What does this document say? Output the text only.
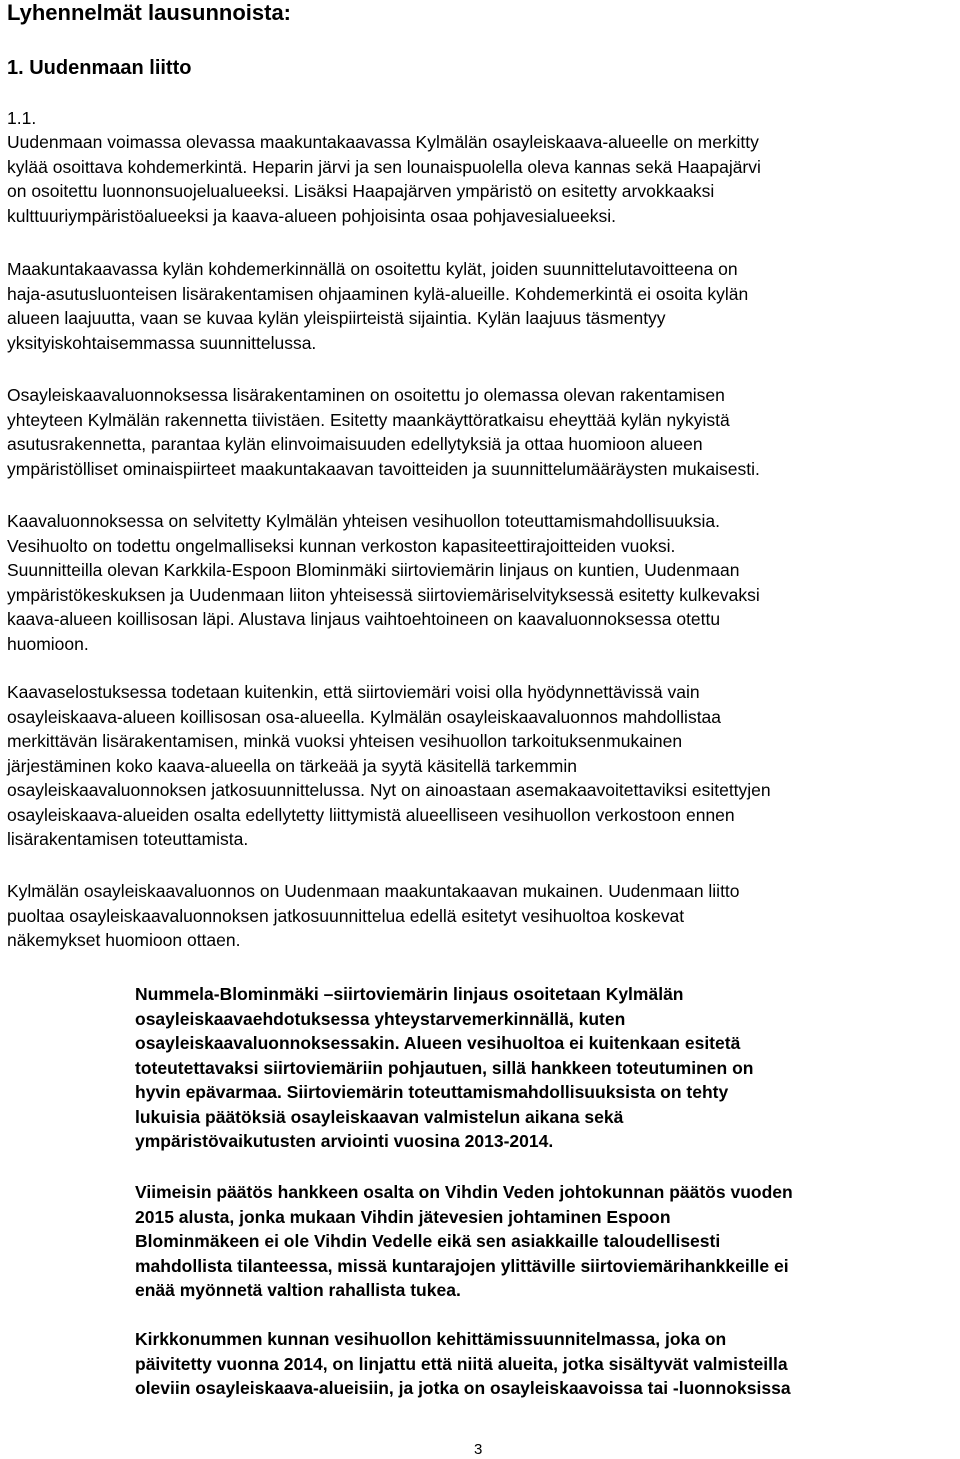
Lyhennelmät lausunnoista:
1. Uudenmaan liitto

1.1.

Uudenmaan voimassa olevassa maakuntakaavassa Kylmälän osayleiskaava-alueelle on merkitty
kylää osoittava kohdemerkintä. Heparin järvi ja sen lounaispuolella oleva kannas sekä Haapajärvi
on osoitettu luonnonsuojelualueeksi. Lisäksi Haapajärven ympäristö on esitetty arvokkaaksi
kulttuuriympäristöalueeksi ja kaava-alueen pohjoisinta osaa pohjavesialueeksi.

Maakuntakaavassa kylän kohdemerkinnällä on osoitettu kylät, joiden suunnittelutavoitteena on
haja-asutusluonteisen lisärakentamisen ohjaaminen kylä-alueille. Kohdemerkintä ei osoita kylän
alueen laajuutta, vaan se kuvaa kylän yleispiirteistä sijaintia. Kylän laajuus täsmentyy
yksityiskohtaisemmassa suunnittelussa.

Osayleiskaavaluonnoksessa lisärakentaminen on osoitettu jo olemassa olevan rakentamisen
yhteyteen Kylmälän rakennetta tiivistäen. Esitetty maankäyttöratkaisu eheyttää kylän nykyistä
asutusrakennetta, parantaa kylän elinvoimaisuuden edellytyksiä ja ottaa huomioon alueen
ympäristölliset ominaispiirteet maakuntakaavan tavoitteiden ja suunnittelumääräysten mukaisesti.

Kaavaluonnoksessa on selvitetty Kylmälän yhteisen vesihuollon toteuttamismahdollisuuksia.
Vesihuolto on todettu ongelmalliseksi kunnan verkoston kapasiteettirajoitteiden vuoksi.
Suunnitteilla olevan Karkkila-Espoon Blominmäki siirtoviemärin linjaus on kuntien, Uudenmaan
ympäristökeskuksen ja Uudenmaan liiton yhteisessä siirtoviemäriselvityksessä esitetty kulkevaksi
kaava-alueen koillisosan läpi. Alustava linjaus vaihtoehtoineen on kaavaluonnoksessa otettu
huomioon.

Kaavaselostuksessa todetaan kuitenkin, että siirtoviemäri voisi olla hyödynnettävissä vain
osayleiskaava-alueen koillisosan osa-alueella. Kylmälän osayleiskaavaluonnos mahdollistaa
merkittävän lisärakentamisen, minkä vuoksi yhteisen vesihuollon tarkoituksenmukainen
järjestäminen koko kaava-alueella on tärkeää ja syytä käsitellä tarkemmin
osayleiskaavaluonnoksen jatkosuunnittelussa. Nyt on ainoastaan asemakaavoitettaviksi esitettyjen
osayleiskaava-alueiden osalta edellytetty liittymistä alueelliseen vesihuollon verkostoon ennen
lisärakentamisen toteuttamista.

Kylmälän osayleiskaavaluonnos on Uudenmaan maakuntakaavan mukainen. Uudenmaan liitto
puoltaa osayleiskaavaluonnoksen jatkosuunnittelua edellä esitetyt vesihuoltoa koskevat
näkemykset huomioon ottaen.

Nummela-Blominmäki –siirtoviemärin linjaus osoitetaan Kylmälän
osayleiskaavaehdotuksessa yhteystarvemerkinnällä, kuten
osayleiskaavaluonnoksessakin. Alueen vesihuoltoa ei kuitenkaan esitetä
toteutettavaksi siirtoviemäriin pohjautuen, sillä hankkeen toteutuminen on
hyvin epävarmaa. Siirtoviemärin toteuttamismahdollisuuksista on tehty
lukuisia päätöksiä osayleiskaavan valmistelun aikana sekä
ympäristövaikutusten arviointi vuosina 2013-2014.

Viimeisin päätös hankkeen osalta on Vihdin Veden johtokunnan päätös vuoden
2015 alusta, jonka mukaan Vihdin jätevesien johtaminen Espoon
Blominmäkeen ei ole Vihdin Vedelle eikä sen asiakkaille taloudellisesti
mahdollista tilanteessa, missä kuntarajojen ylittäville siirtoviemärihankkeille ei
enää myönnetä valtion rahallista tukea.

Kirkkonummen kunnan vesihuollon kehittämissuunnitelmassa, joka on
päivitetty vuonna 2014, on linjattu että niitä alueita, jotka sisältyvät valmisteilla
oleviin osayleiskaava-alueisiin, ja jotka on osayleiskaavoissa tai -luonnoksissa

3
